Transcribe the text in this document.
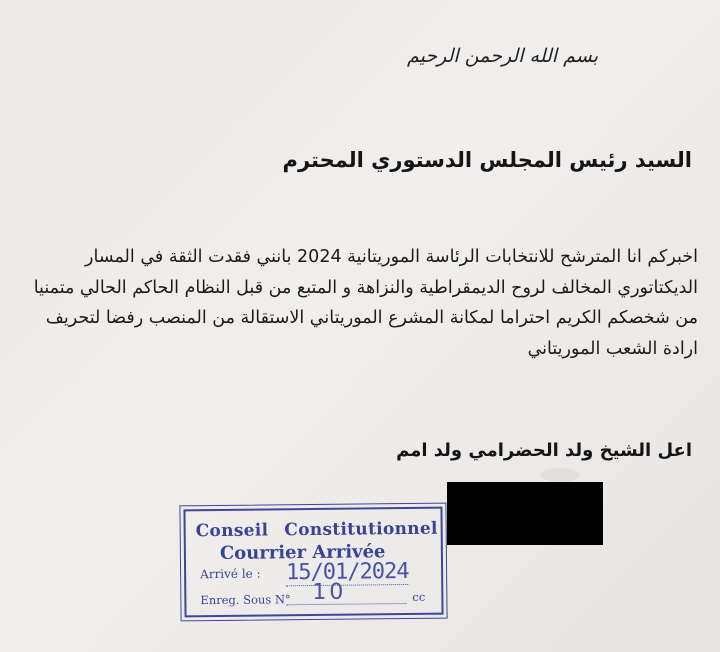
بسم الله الرحمن الرحيم
السيد رئيس المجلس الدستوري المحترم
اخبركم انا المترشح للانتخابات الرئاسة الموريتانية 2024 بانني فقدت الثقة في المسار
الديكتاتوري المخالف لروح الديمقراطية والنزاهة و المتبع من قبل النظام الحاكم الحالي متمنيا
من شخصكم الكريم احتراما لمكانة المشرع الموريتاني الاستقالة من المنصب رفضا لتحريف
ارادة الشعب الموريتاني
اعل الشيخ ولد الحضرامي ولد امم
Conseil Constitutionnel
Courrier Arrivée
Arrivé le : 15/01/2024
Enreg. Sous N° 10	cc
